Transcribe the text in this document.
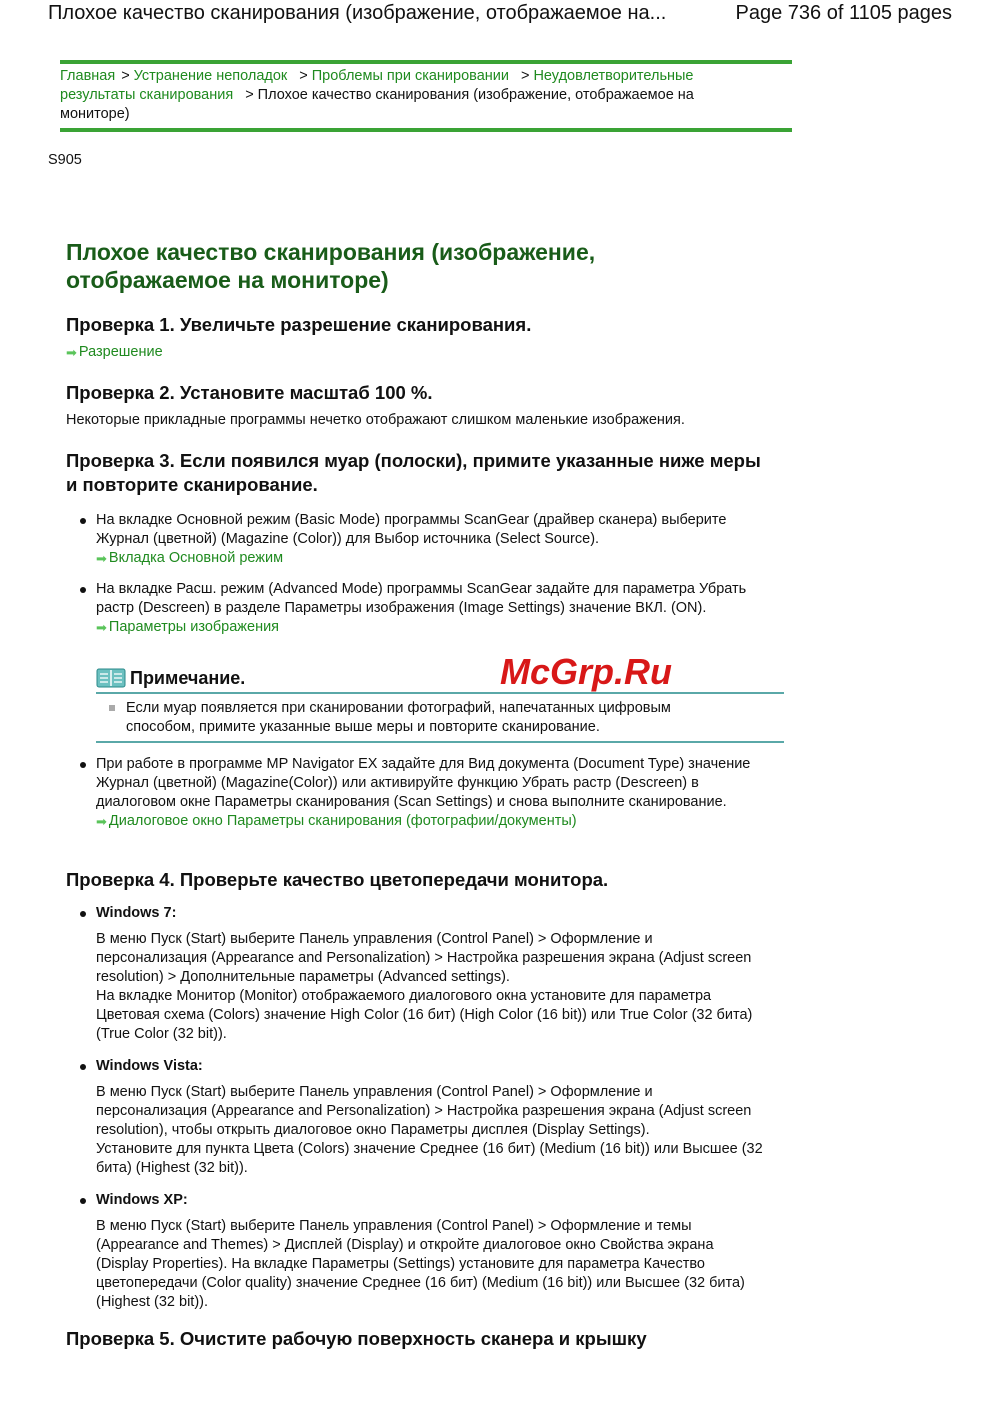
Плохое качество сканирования (изображение, отображаемое на...	Page 736 of 1105 pages
Главная > Устранение неполадок > Проблемы при сканировании > Неудовлетворительные результаты сканирования > Плохое качество сканирования (изображение, отображаемое на мониторе)
S905
Плохое качество сканирования (изображение, отображаемое на мониторе)
Проверка 1. Увеличьте разрешение сканирования.
➡ Разрешение
Проверка 2. Установите масштаб 100 %.
Некоторые прикладные программы нечетко отображают слишком маленькие изображения.
Проверка 3. Если появился муар (полоски), примите указанные ниже меры и повторите сканирование.
На вкладке Основной режим (Basic Mode) программы ScanGear (драйвер сканера) выберите Журнал (цветной) (Magazine (Color)) для Выбор источника (Select Source).
➡ Вкладка Основной режим
На вкладке Расш. режим (Advanced Mode) программы ScanGear задайте для параметра Убрать растр (Descreen) в разделе Параметры изображения (Image Settings) значение ВКЛ. (ON).
➡ Параметры изображения
Примечание.
Если муар появляется при сканировании фотографий, напечатанных цифровым способом, примите указанные выше меры и повторите сканирование.
McGrp.Ru
При работе в программе MP Navigator EX задайте для Вид документа (Document Type) значение Журнал (цветной) (Magazine(Color)) или активируйте функцию Убрать растр (Descreen) в диалоговом окне Параметры сканирования (Scan Settings) и снова выполните сканирование.
➡ Диалоговое окно Параметры сканирования (фотографии/документы)
Проверка 4. Проверьте качество цветопередачи монитора.
Windows 7:
В меню Пуск (Start) выберите Панель управления (Control Panel) > Оформление и персонализация (Appearance and Personalization) > Настройка разрешения экрана (Adjust screen resolution) > Дополнительные параметры (Advanced settings).
На вкладке Монитор (Monitor) отображаемого диалогового окна установите для параметра Цветовая схема (Colors) значение High Color (16 бит) (High Color (16 bit)) или True Color (32 бита) (True Color (32 bit)).
Windows Vista:
В меню Пуск (Start) выберите Панель управления (Control Panel) > Оформление и персонализация (Appearance and Personalization) > Настройка разрешения экрана (Adjust screen resolution), чтобы открыть диалоговое окно Параметры дисплея (Display Settings).
Установите для пункта Цвета (Colors) значение Среднее (16 бит) (Medium (16 bit)) или Высшее (32 бита) (Highest (32 bit)).
Windows XP:
В меню Пуск (Start) выберите Панель управления (Control Panel) > Оформление и темы (Appearance and Themes) > Дисплей (Display) и откройте диалоговое окно Свойства экрана (Display Properties). На вкладке Параметры (Settings) установите для параметра Качество цветопередачи (Color quality) значение Среднее (16 бит) (Medium (16 bit)) или Высшее (32 бита) (Highest (32 bit)).
Проверка 5. Очистите рабочую поверхность сканера и крышку
